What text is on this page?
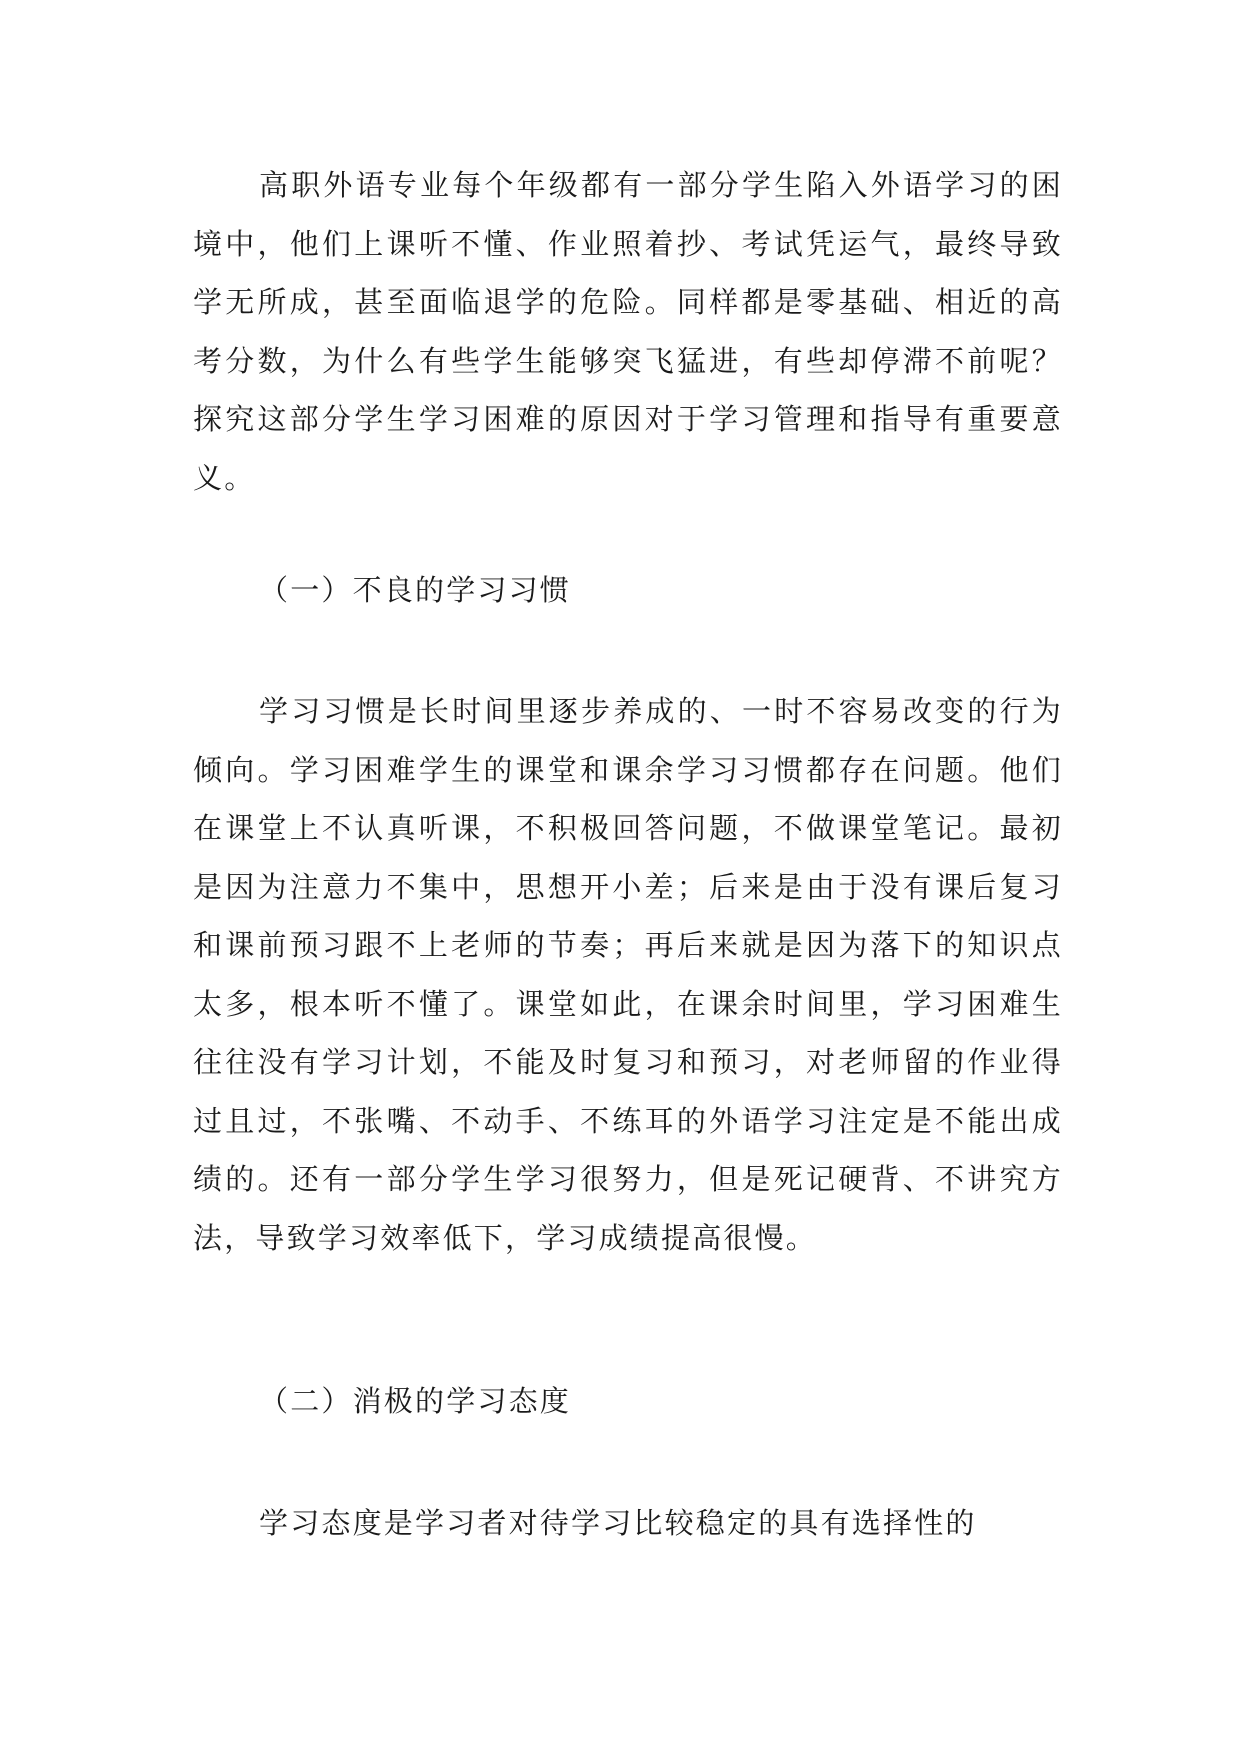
高职外语专业每个年级都有一部分学生陷入外语学习的困境中，他们上课听不懂、作业照着抄、考试凭运气，最终导致学无所成，甚至面临退学的危险。同样都是零基础、相近的高考分数，为什么有些学生能够突飞猛进，有些却停滞不前呢？探究这部分学生学习困难的原因对于学习管理和指导有重要意义。

（一）不良的学习习惯

学习习惯是长时间里逐步养成的、一时不容易改变的行为倾向。学习困难学生的课堂和课余学习习惯都存在问题。他们在课堂上不认真听课，不积极回答问题，不做课堂笔记。最初是因为注意力不集中，思想开小差；后来是由于没有课后复习和课前预习跟不上老师的节奏；再后来就是因为落下的知识点太多，根本听不懂了。课堂如此，在课余时间里，学习困难生往往没有学习计划，不能及时复习和预习，对老师留的作业得过且过，不张嘴、不动手、不练耳的外语学习注定是不能出成绩的。还有一部分学生学习很努力，但是死记硬背、不讲究方法，导致学习效率低下，学习成绩提高很慢。

（二）消极的学习态度

学习态度是学习者对待学习比较稳定的具有选择性的
